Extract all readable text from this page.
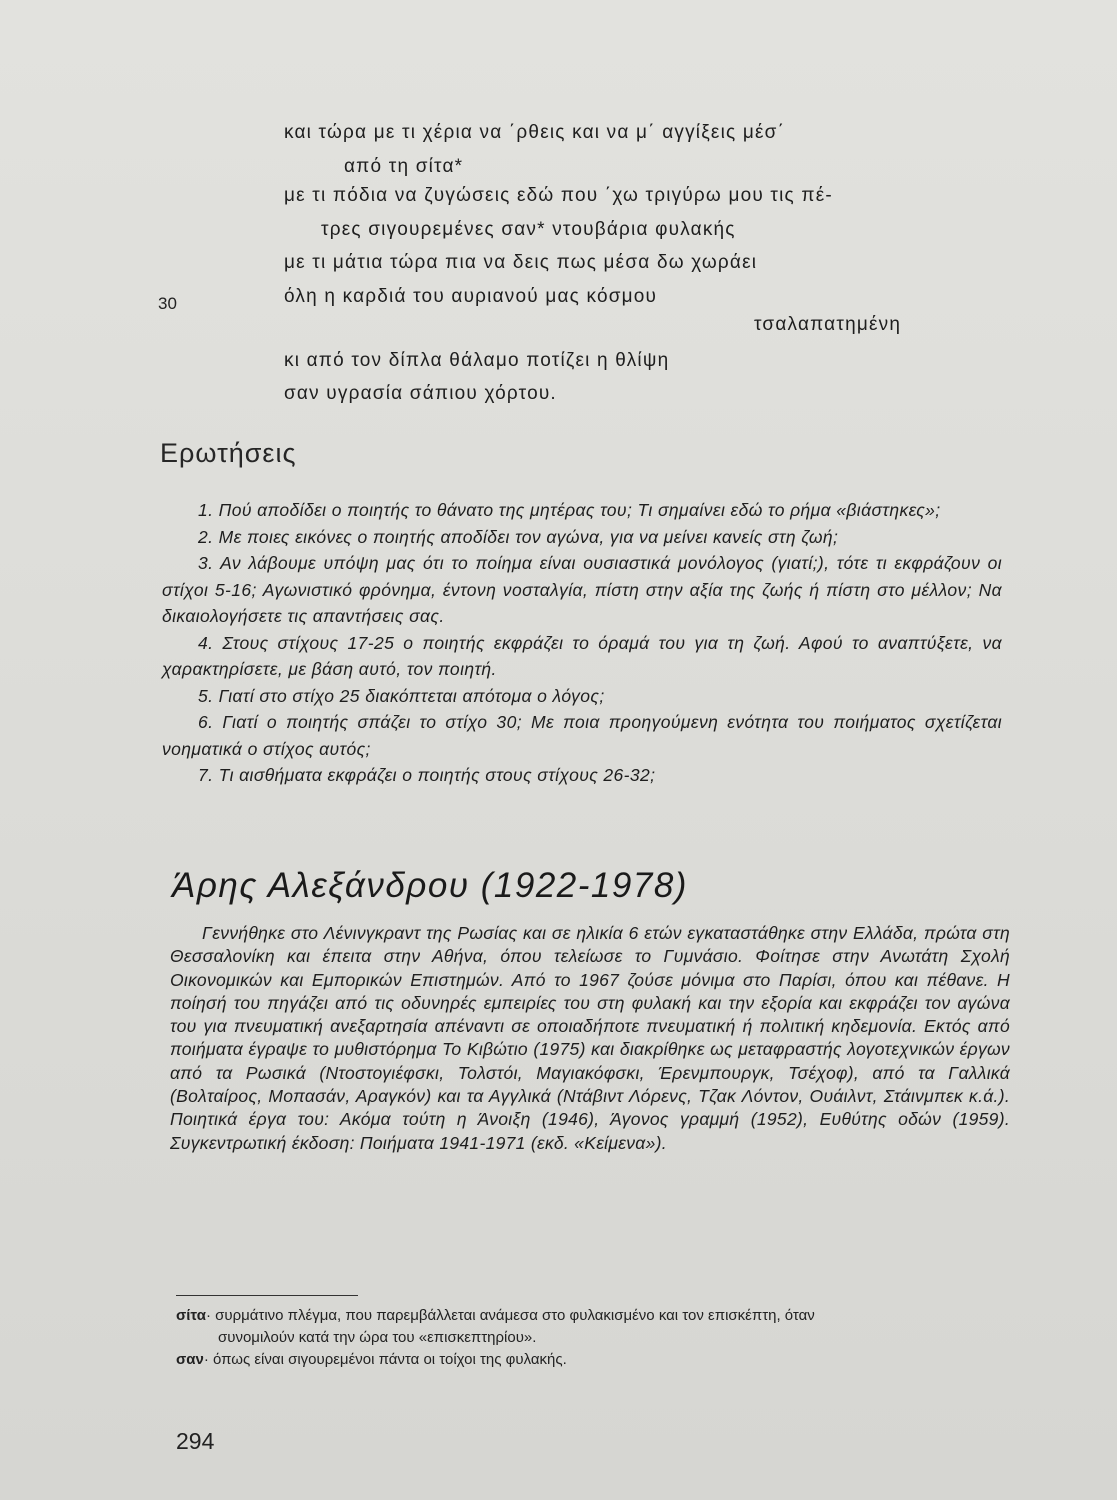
και τώρα με τι χέρια να ΄ρθεις και να μ΄ αγγίξεις μέσ΄
από τη σίτα*
με τι πόδια να ζυγώσεις εδώ που ΄χω τριγύρω μου τις πέ-
τρες σιγουρεμένες σαν* ντουβάρια φυλακής
με τι μάτια τώρα πια να δεις πως μέσα δω χωράει
30	όλη η καρδιά του αυριανού μας κόσμου
τσαλαπατημένη
κι από τον δίπλα θάλαμο ποτίζει η θλίψη
σαν υγρασία σάπιου χόρτου.
Ερωτήσεις

1. Πού αποδίδει ο ποιητής το θάνατο της μητέρας του; Τι σημαίνει εδώ το ρήμα «βιάστηκες»;

2. Με ποιες εικόνες ο ποιητής αποδίδει τον αγώνα, για να μείνει κανείς στη ζωή;

3. Αν λάβουμε υπόψη μας ότι το ποίημα είναι ουσιαστικά μονόλογος (γιατί;), τότε τι εκφράζουν οι στίχοι 5-16; Αγωνιστικό φρόνημα, έντονη νοσταλγία, πίστη στην αξία της ζωής ή πίστη στο μέλλον; Να δικαιολογήσετε τις απαντήσεις σας.

4. Στους στίχους 17-25 ο ποιητής εκφράζει το όραμά του για τη ζωή. Αφού το αναπτύξετε, να χαρακτηρίσετε, με βάση αυτό, τον ποιητή.

5. Γιατί στο στίχο 25 διακόπτεται απότομα ο λόγος;

6. Γιατί ο ποιητής σπάζει το στίχο 30; Με ποια προηγούμενη ενότητα του ποιήματος σχετίζεται νοηματικά ο στίχος αυτός;

7. Τι αισθήματα εκφράζει ο ποιητής στους στίχους 26-32;

Άρης Αλεξάνδρου (1922-1978)

Γεννήθηκε στο Λένινγκραντ της Ρωσίας και σε ηλικία 6 ετών εγκαταστάθηκε στην Ελλάδα, πρώτα στη Θεσσαλονίκη και έπειτα στην Αθήνα, όπου τελείωσε το Γυμνάσιο. Φοίτησε στην Ανωτάτη Σχολή Οικονομικών και Εμπορικών Επιστημών. Από το 1967 ζούσε μόνιμα στο Παρίσι, όπου και πέθανε. Η ποίησή του πηγάζει από τις οδυνηρές εμπειρίες του στη φυλακή και την εξορία και εκφράζει τον αγώνα του για πνευματική ανεξαρτησία απέναντι σε οποιαδήποτε πνευματική ή πολιτική κηδεμονία. Εκτός από ποιήματα έγραψε το μυθιστόρημα Το Κιβώτιο (1975) και διακρίθηκε ως μεταφραστής λογοτεχνικών έργων από τα Ρωσικά (Ντοστογιέφσκι, Τολστόι, Μαγιακόφσκι, Έρενμπουργκ, Τσέχοφ), από τα Γαλλικά (Βολταίρος, Μοπασάν, Αραγκόν) και τα Αγγλικά (Ντάβιντ Λόρενς, Τζακ Λόντον, Ουάιλντ, Στάινμπεκ κ.ά.). Ποιητικά έργα του: Ακόμα τούτη η Άνοιξη (1946), Άγονος γραμμή (1952), Ευθύτης οδών (1959). Συγκεντρωτική έκδοση: Ποιήματα 1941-1971 (εκδ. «Κείμενα»).

σίτα· συρμάτινο πλέγμα, που παρεμβάλλεται ανάμεσα στο φυλακισμένο και τον επισκέπτη, όταν
συνομιλούν κατά την ώρα του «επισκεπτηρίου».

σαν· όπως είναι σιγουρεμένοι πάντα οι τοίχοι της φυλακής.

294
